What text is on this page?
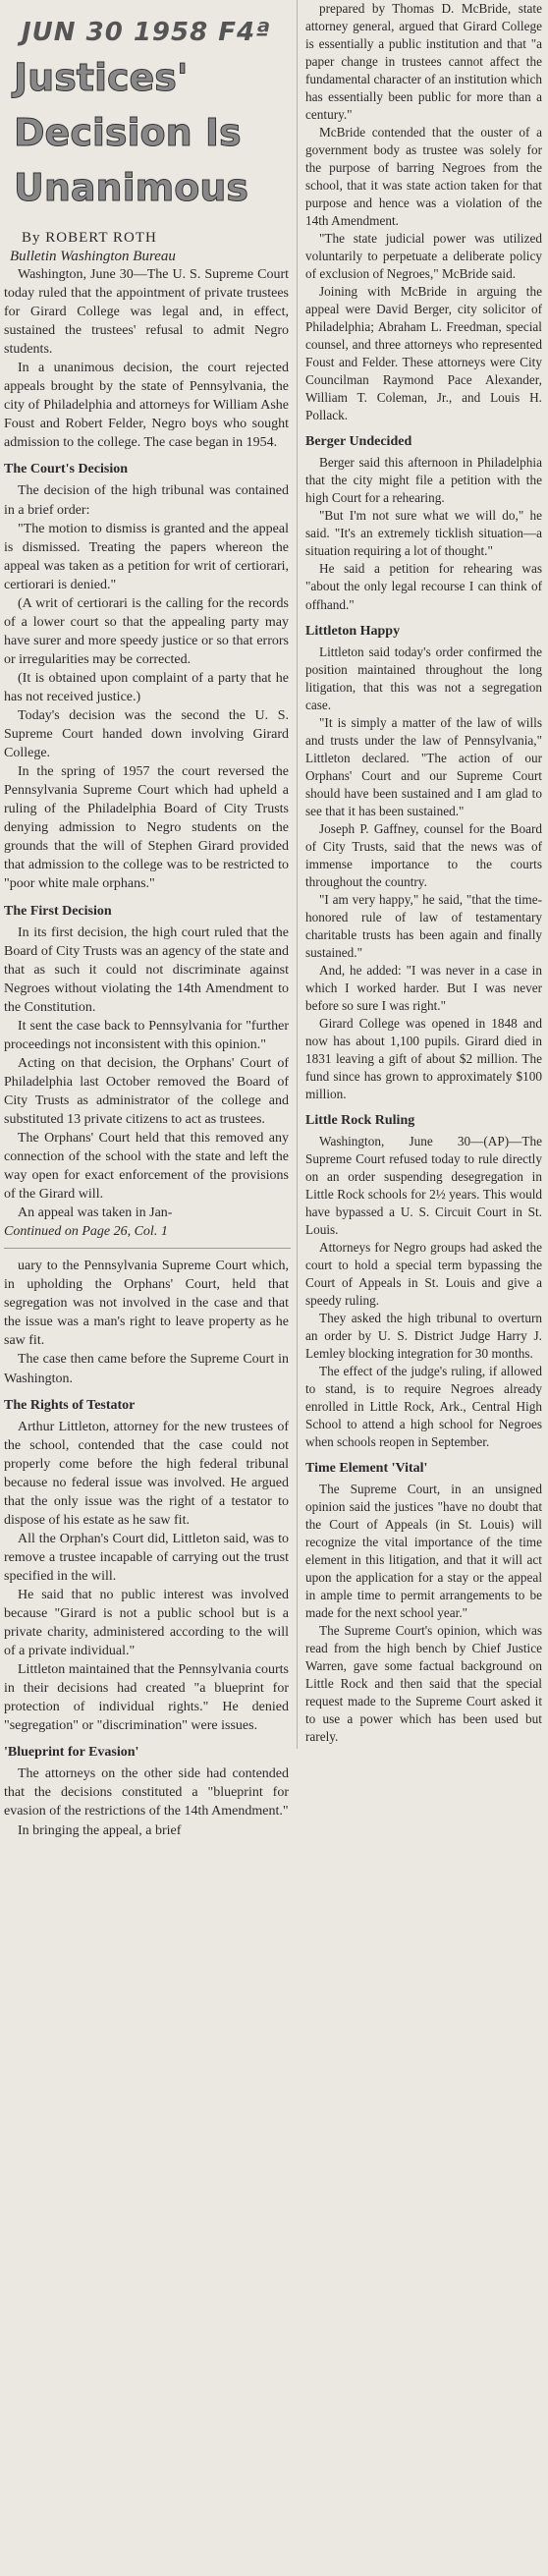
JUN 30 1958 F4ª
Justices'
Decision Is
Unanimous
By ROBERT ROTH
Bulletin Washington Bureau

Washington, June 30—The U. S. Supreme Court today ruled that the appointment of private trustees for Girard College was legal and, in effect, sustained the trustees' refusal to admit Negro students.

In a unanimous decision, the court rejected appeals brought by the state of Pennsylvania, the city of Philadelphia and attorneys for William Ashe Foust and Robert Felder, Negro boys who sought admission to the college. The case began in 1954.

The Court's Decision

The decision of the high tribunal was contained in a brief order:

"The motion to dismiss is granted and the appeal is dismissed. Treating the papers whereon the appeal was taken as a petition for writ of certiorari, certiorari is denied."

(A writ of certiorari is the calling for the records of a lower court so that the appealing party may have surer and more speedy justice or so that errors or irregularities may be corrected.

(It is obtained upon complaint of a party that he has not received justice.)

Today's decision was the second the U. S. Supreme Court handed down involving Girard College.

In the spring of 1957 the court reversed the Pennsylvania Supreme Court which had upheld a ruling of the Philadelphia Board of City Trusts denying admission to Negro students on the grounds that the will of Stephen Girard provided that admission to the college was to be restricted to "poor white male orphans."

The First Decision

In its first decision, the high court ruled that the Board of City Trusts was an agency of the state and that as such it could not discriminate against Negroes without violating the 14th Amendment to the Constitution.

It sent the case back to Pennsylvania for "further proceedings not inconsistent with this opinion."

Acting on that decision, the Orphans' Court of Philadelphia last October removed the Board of City Trusts as administrator of the college and substituted 13 private citizens to act as trustees.

The Orphans' Court held that this removed any connection of the school with the state and left the way open for exact enforcement of the provisions of the Girard will.

An appeal was taken in Jan-

Continued on Page 26, Col. 1

uary to the Pennsylvania Supreme Court which, in upholding the Orphans' Court, held that segregation was not involved in the case and that the issue was a man's right to leave property as he saw fit.

The case then came before the Supreme Court in Washington.

The Rights of Testator

Arthur Littleton, attorney for the new trustees of the school, contended that the case could not properly come before the high federal tribunal because no federal issue was involved. He argued that the only issue was the right of a testator to dispose of his estate as he saw fit.

All the Orphan's Court did, Littleton said, was to remove a trustee incapable of carrying out the trust specified in the will.

He said that no public interest was involved because "Girard is not a public school but is a private charity, administered according to the will of a private individual."

Littleton maintained that the Pennsylvania courts in their decisions had created "a blueprint for protection of individual rights." He denied "segregation" or "discrimination" were issues.

'Blueprint for Evasion'

The attorneys on the other side had contended that the decisions constituted a "blueprint for evasion of the restrictions of the 14th Amendment."

In bringing the appeal, a brief

prepared by Thomas D. McBride, state attorney general, argued that Girard College is essentially a public institution and that "a paper change in trustees cannot affect the fundamental character of an institution which has essentially been public for more than a century."

McBride contended that the ouster of a government body as trustee was solely for the purpose of barring Negroes from the school, that it was state action taken for that purpose and hence was a violation of the 14th Amendment.

"The state judicial power was utilized voluntarily to perpetuate a deliberate policy of exclusion of Negroes," McBride said.

Joining with McBride in arguing the appeal were David Berger, city solicitor of Philadelphia; Abraham L. Freedman, special counsel, and three attorneys who represented Foust and Felder. These attorneys were City Councilman Raymond Pace Alexander, William T. Coleman, Jr., and Louis H. Pollack.

Berger Undecided

Berger said this afternoon in Philadelphia that the city might file a petition with the high Court for a rehearing.

"But I'm not sure what we will do," he said. "It's an extremely ticklish situation—a situation requiring a lot of thought."

He said a petition for rehearing was "about the only legal recourse I can think of offhand."

Littleton Happy

Littleton said today's order confirmed the position maintained throughout the long litigation, that this was not a segregation case.

"It is simply a matter of the law of wills and trusts under the law of Pennsylvania," Littleton declared. "The action of our Orphans' Court and our Supreme Court should have been sustained and I am glad to see that it has been sustained."

Joseph P. Gaffney, counsel for the Board of City Trusts, said that the news was of immense importance to the courts throughout the country.

"I am very happy," he said, "that the time-honored rule of law of testamentary charitable trusts has been again and finally sustained."

And, he added: "I was never in a case in which I worked harder. But I was never before so sure I was right."

Girard College was opened in 1848 and now has about 1,100 pupils. Girard died in 1831 leaving a gift of about $2 million. The fund since has grown to approximately $100 million.

Little Rock Ruling

Washington, June 30—(AP)—The Supreme Court refused today to rule directly on an order suspending desegregation in Little Rock schools for 2½ years. This would have bypassed a U. S. Circuit Court in St. Louis.

Attorneys for Negro groups had asked the court to hold a special term bypassing the Court of Appeals in St. Louis and give a speedy ruling.

They asked the high tribunal to overturn an order by U. S. District Judge Harry J. Lemley blocking integration for 30 months.

The effect of the judge's ruling, if allowed to stand, is to require Negroes already enrolled in Little Rock, Ark., Central High School to attend a high school for Negroes when schools reopen in September.

Time Element 'Vital'

The Supreme Court, in an unsigned opinion said the justices "have no doubt that the Court of Appeals (in St. Louis) will recognize the vital importance of the time element in this litigation, and that it will act upon the application for a stay or the appeal in ample time to permit arrangements to be made for the next school year."

The Supreme Court's opinion, which was read from the high bench by Chief Justice Warren, gave some factual background on Little Rock and then said that the special request made to the Supreme Court asked it to use a power which has been used but rarely.
